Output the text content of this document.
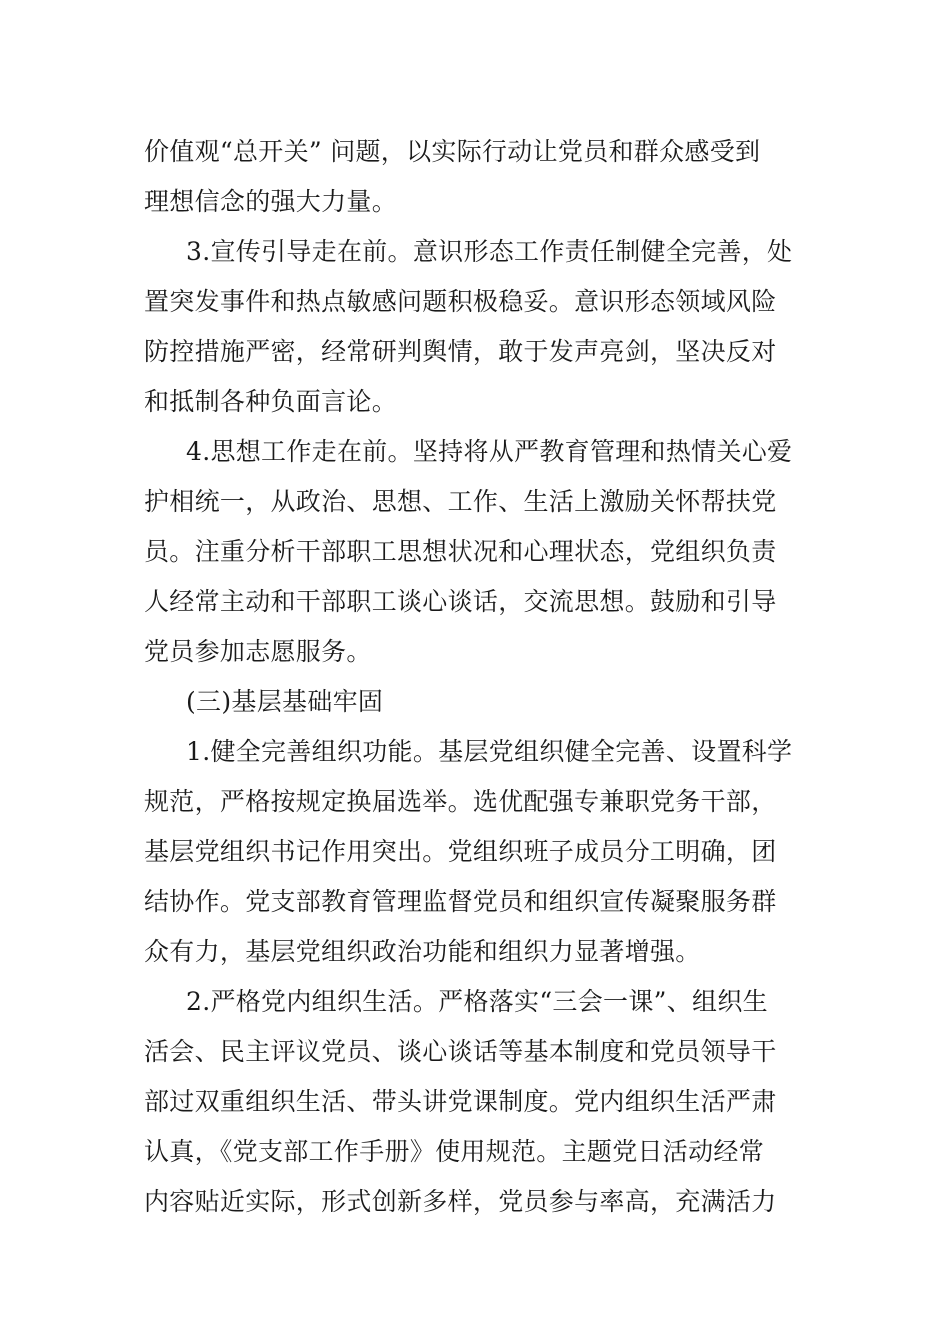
价值观“总开关” 问题，以实际行动让党员和群众感受到
理想信念的强大力量。
3.宣传引导走在前。意识形态工作责任制健全完善，处
置突发事件和热点敏感问题积极稳妥。意识形态领域风险
防控措施严密，经常研判舆情，敢于发声亮剑，坚决反对
和抵制各种负面言论。
4.思想工作走在前。坚持将从严教育管理和热情关心爱
护相统一，从政治、思想、工作、生活上激励关怀帮扶党
员。注重分析干部职工思想状况和心理状态，党组织负责
人经常主动和干部职工谈心谈话，交流思想。鼓励和引导
党员参加志愿服务。
(三)基层基础牢固
1.健全完善组织功能。基层党组织健全完善、设置科学
规范，严格按规定换届选举。选优配强专兼职党务干部，
基层党组织书记作用突出。党组织班子成员分工明确，团
结协作。党支部教育管理监督党员和组织宣传凝聚服务群
众有力，基层党组织政治功能和组织力显著增强。
2.严格党内组织生活。严格落实“三会一课”、组织生
活会、民主评议党员、谈心谈话等基本制度和党员领导干
部过双重组织生活、带头讲党课制度。党内组织生活严肃
认真，《党支部工作手册》使用规范。主题党日活动经常
内容贴近实际，形式创新多样，党员参与率高，充满活力
